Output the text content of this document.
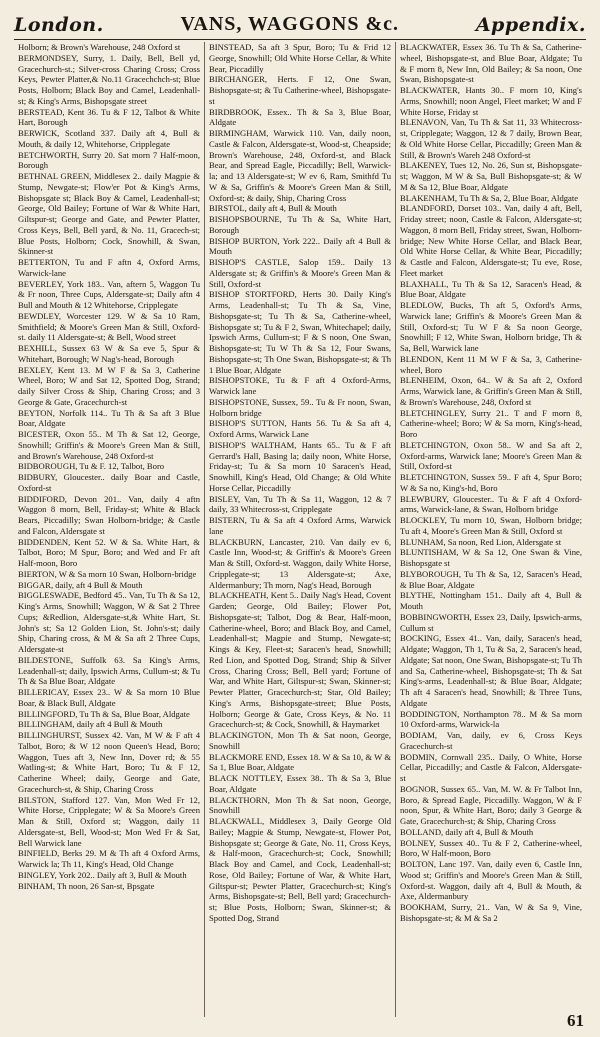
London.	VANS, WAGGONS &c.	Appendix.
Holborn; & Brown's Warehouse, 248 Oxford st
BERMONDSEY, Surry, 1. Daily, Bell, Bell yd, Gracechurch-st.; Silver-cross Charing Cross; Cross Keys, Pewter Platter,& No.11 Gracechchch-st; Blue Posts, Holborn; Black Boy and Camel, Leadenhall-st; & King's Arms, Bishopsgate street
BERSTEAD, Kent 36. Tu & F 12, Talbot & White Hart, Borough
BERWICK, Scotland 337. Daily aft 4, Bull & Mouth, & daily 12, Whitehorse, Cripplegate
BETCHWORTH, Surry 20. Sat morn 7 Half-moon, Borough
BETHNAL GREEN, Middlesex 2.. daily Magpie & Stump, Newgate-st; Flow'er Pot & King's Arms, Bishopsgate st; Black Boy & Camel, Leadenhall-st; George, Old Bailey; Fortune of War & White Hart, Giltspur-st; George and Gate, and Pewter Platter, Cross Keys, Bell, Bell yard, & No. 11, Gracech-st; Blue Posts, Holborn; Cock, Snowhill, & Swan, Skinner-st
BETTERTON, Tu and F aftn 4, Oxford Arms, Warwick-lane
BEVERLEY, York 183.. Van, aftern 5, Waggon Tu & Fr noon, Three Cups, Aldersgate-st; Daily aftn 4 Bull and Mouth & 12 Whitehorse, Cripplegate
BEWDLEY, Worcester 129. W & Sa 10 Ram, Smithfield; & Moore's Green Man & Still, Oxford-st. daily 11 Aldersgate-st; & Bell, Wood street
BEXHILL, Sussex 63 W & Sa eve 5, Spur & Whitehart, Borough; W Nag's-head, Borough
BEXLEY, Kent 13. M W F & Sa 3, Catherine Wheel, Boro; W and Sat 12, Spotted Dog, Strand; daily Silver Cross & Ship, Charing Cross; and 3 George & Gate, Gracechurch-st
BEYTON, Norfolk 114.. Tu Th & Sa aft 3 Blue Boar, Aldgate
BICESTER, Oxon 55.. M Th & Sat 12, George, Snowhill; Griffin's & Moore's Green Man & Still, and Brown's Warehouse, 248 Oxford-st
BIDBOROUGH, Tu & F. 12, Talbot, Boro
BIDBURY, Gloucester.. daily Boar and Castle, Oxford-st
BIDDIFORD, Devon 201.. Van, daily 4 aftn Waggon 8 morn, Bell, Friday-st; White & Black Bears, Piccadilly; Swan Holborn-bridge; & Castle and Falcon, Aldersgate st
BIDDENDEN, Kent 52. W & Sa. White Hart, & Talbot, Boro; M Spur, Boro; and Wed and Fr aft Half-moon, Boro
BIERTON, W & Sa morn 10 Swan, Holborn-bridge
BIGGAR, daily, aft 4 Bull & Mouth
BIGGLESWADE, Bedford 45.. Van, Tu Th & Sa 12, King's Arms, Snowhill; Waggon, W & Sat 2 Three Cups; &Redlion, Aldersgate-st,& White Hart, St. John's st; Sa 12 Golden Lion, St. John's-st; daily Ship, Charing cross, & M & Sa aft 2 Three Cups, Aldersgate-st
BILDESTONE, Suffolk 63. Sa King's Arms, Leadenhall-st; daily, Ipswich Arms, Cullum-st; & Tu Th & Sa Blue Boar, Aldgate
BILLERICAY, Essex 23.. W & Sa morn 10 Blue Boar, & Black Bull, Aldgate
BILLINGFORD, Tu Th & Sa, Blue Boar, Aldgate
BILLINGHAM, daily aft 4 Bull & Mouth
BILLINGHURST, Sussex 42. Van, M W & F aft 4 Talbot, Boro; & W 12 noon Queen's Head, Boro; Waggon, Tues aft 3, New Inn, Dover rd; & 55 Watling-st; & White Hart, Boro; Tu & F 12, Catherine Wheel; daily, George and Gate, Gracechurch-st, & Ship, Charing Cross
BILSTON, Stafford 127. Van, Mon Wed Fr 12, White Horse, Cripplegate; W & Sa Moore's Green Man & Still, Oxford st; Waggon, daily 11 Aldersgate-st, Bell, Wood-st; Mon Wed Fr & Sat, Bell Warwick lane
BINFIELD, Berks 29. M & Th aft 4 Oxford Arms, Warwick la; Th 11, King's Head, Old Change
BINGLEY, York 202.. Daily aft 3, Bull & Mouth
BINHAM, Th noon, 26 San-st, Bpsgate
BINSTEAD, Sa aft 3 Spur, Boro; Tu & Frid 12 George, Snowhill; Old White Horse Cellar, & White Bear, Piccadilly
BIRCHANGER, Herts. F 12, One Swan, Bishopsgate-st; & Tu Catherine-wheel, Bishopsgate-st
BIRDBROOK, Essex.. Th & Sa 3, Blue Boar, Aldgate
BIRMINGHAM, Warwick 110. Van, daily noon, Castle & Falcon, Aldersgate-st, Wood-st, Cheapside; Brown's Warehouse, 248, Oxford-st, and Black Bear, and Spread Eagle, Piccadilly; Bell, Warwick-la; and 13 Aldersgate-st; W ev 6, Ram, Smithfd Tu W & Sa, Griffin's & Moore's Green Man & Still, Oxford-st; & daily, Ship, Charing Cross
BIRSTOL, daily aft 4, Bull & Mouth
BISHOPSBOURNE, Tu Th & Sa, White Hart, Borough
BISHOP BURTON, York 222.. Daily aft 4 Bull & Mouth
BISHOP'S CASTLE, Salop 159.. Daily 13 Aldersgate st; & Griffin's & Moore's Green Man & Still, Oxford-st
BISHOP STORTFORD, Herts 30. Daily King's Arms, Leadenhall-st; Tu Th & Sa, Vine, Bishopsgate-st; Tu Th & Sa, Catherine-wheel, Bishopsgate st; Tu & F 2, Swan, Whitechapel; daily, Ipswich Arms, Cullum-st; F & S noon, One Swan, Bishopsgate-st; Tu W Th & Sa 12, Four Swans, Bishopsgate-st; Th One Swan, Bishopsgate-st; & Th 1 Blue Boar, Aldgate
BISHOPSTOKE, Tu & F aft 4 Oxford-Arms, Warwick lane
BISHOPSTONE, Sussex, 59.. Tu & Fr noon, Swan, Holborn bridge
BISHOP'S SUTTON, Hants 56. Tu & Sa aft 4, Oxford Arms, Warwick Lane
BISHOP'S WALTHAM, Hants 65.. Tu & F aft Gerrard's Hall, Basing la; daily noon, White Horse, Friday-st; Tu & Sa morn 10 Saracen's Head, Snowhill, King's Head, Old Change; & Old White Horse Cellar, Piccadilly
BISLEY, Van, Tu Th & Sa 11, Waggon, 12 & 7 daily, 33 Whitecross-st, Cripplegate
BISTERN, Tu & Sa aft 4 Oxford Arms, Warwick lane
BLACKBURN, Lancaster, 210. Van daily ev 6, Castle Inn, Wood-st; & Griffin's & Moore's Green Man & Still, Oxford-st. Waggon, daily White Horse, Cripplegate-st; 13 Aldersgate-st; Axe, Aldermanbury; Th morn, Nag's Head, Borough
BLACKHEATH, Kent 5.. Daily Nag's Head, Covent Garden; George, Old Bailey; Flower Pot, Bishopsgate-st; Talbot, Dog & Bear, Half-moon, Catherine-wheel, Boro; and Black Boy, and Camel, Leadenhall-st; Magpie and Stump, Newgate-st; Kings & Key, Fleet-st; Saracen's head, Snowhill; Red Lion, and Spotted Dog, Strand; Ship & Silver Cross, Charing Cross; Bell, Bell yard; Fortune of War, and White Hart, Giltspur-st; Swan, Skinner-st; Pewter Platter, Gracechurch-st; Star, Old Bailey; King's Arms, Bishopsgate-street; Blue Posts, Holborn; George & Gate, Cross Keys, & No. 11 Gracechurch-st; & Cock, Snowhill, & Haymarket
BLACKINGTON, Mon Th & Sat noon, George, Snowhill
BLACKMORE END, Essex 18. W & Sa 10, & W & Sa 1, Blue Boar, Aldgate
BLACK NOTTLEY, Essex 38.. Th & Sa 3, Blue Boar, Aldgate
BLACKTHORN, Mon Th & Sat noon, George, Snowhill
BLACKWALL, Middlesex 3, Daily George Old Bailey; Magpie & Stump, Newgate-st, Flower Pot, Bishopsgate st; George & Gate, No. 11, Cross Keys, & Half-moon, Gracechurch-st; Cock, Snowhill; Black Boy and Camel, and Cock, Leadenhall-st; Rose, Old Bailey; Fortune of War, & White Hart, Giltspur-st; Pewter Platter, Gracechurch-st; King's Arms, Bishopsgate-st; Bell, Bell yard; Gracechurch-st; Blue Posts, Holborn; Swan, Skinner-st; & Spotted Dog, Strand
BLACKWATER, Essex 36. Tu Th & Sa, Catherine-wheel, Bishopsgate-st, and Blue Boar, Aldgate; Tu & F morn 8, New Inn, Old Bailey; & Sa noon, One Swan, Bishopsgate-st
BLACKWATER, Hants 30.. F morn 10, King's Arms, Snowhill; noon Angel, Fleet market; W and F White Horse, Friday st
BLENAVON, Van, Tu Th & Sat 11, 33 Whitecross-st, Cripplegate; Waggon, 12 & 7 daily, Brown Bear, & Old White Horse Cellar, Piccadilly; Green Man & Still, & Brown's Wareh 248 Oxford-st
BLAKENEY, Tues 12, No. 26, Sun st, Bishopsgate-st; Waggon, M W & Sa, Bull Bishopsgate-st; & W M & Sa 12, Blue Boar, Aldgate
BLAKENHAM, Tu Th & Sa, 2, Blue Boar, Aldgate
BLANDFORD, Dorset 103.. Van, daily 4 aft, Bell, Friday street; noon, Castle & Falcon, Aldersgate-st; Waggon, 8 morn Bell, Friday street, Swan, Holborn-bridge; New White Horse Cellar, and Black Bear, Old White Horse Cellar, & White Bear, Piccadilly; & Castle and Falcon, Aldersgate-st; Tu eve, Rose, Fleet market
BLAXHALL, Tu Th & Sa 12, Saracen's Head, & Blue Boar, Aldgate
BLEDLOW, Bucks, Th aft 5, Oxford's Arms, Warwick lane; Griffin's & Moore's Green Man & Still, Oxford-st; Tu W F & Sa noon George, Snowhill; F 12, White Swan, Holborn bridge, Th & Sa, Bell, Warwick lane
BLENDON, Kent 11 M W F & Sa, 3, Catherine-wheel, Boro
BLENHEIM, Oxon, 64.. W & Sa aft 2, Oxford Arms, Warwick lane, & Griffin's Green Man & Still, & Brown's Warehouse, 248, Oxford st
BLETCHINGLEY, Surry 21.. T and F morn 8, Catherine-wheel; Boro; W & Sa morn, King's-head, Boro
BLETCHINGTON, Oxon 58.. W and Sa aft 2, Oxford-arms, Warwick lane; Moore's Green Man & Still, Oxford-st
BLETCHINGTON, Sussex 59.. F aft 4, Spur Boro; W & Sa no, King's-hd, Boro
BLEWBURY, Gloucester.. Tu & F aft 4 Oxford-arms, Warwick-lane, & Swan, Holborn bridge
BLOCKLEY, Tu morn 10, Swan, Holborn bridge; Tu aft 4, Moore's Green Man & Still, Oxford st
BLUNHAM, Sa noon, Red Lion, Aldersgate st
BLUNTISHAM, W & Sa 12, One Swan & Vine, Bishopsgate st
BLYBOROUGH, Tu Th & Sa, 12, Saracen's Head, & Blue Boar, Aldgate
BLYTHE, Nottingham 151.. Daily aft 4, Bull & Mouth
BOBBINGWORTH, Essex 23, Daily, Ipswich-arms, Cullum st
BOCKING, Essex 41.. Van, daily, Saracen's head, Aldgate; Waggon, Th 1, Tu & Sa, 2, Saracen's head, Aldgate; Sat noon, One Swan, Bishopsgate-st; Tu Th and Sa, Catherine-wheel, Bishopsgate-st; Th & Sat King's-arms, Leadenhall-st; & Blue Boar, Aldgate; Th aft 4 Saracen's head, Snowhill; & Three Tuns, Aldgate
BODDINGTON, Northampton 78.. M & Sa morn 10 Oxford-arms, Warwick-la
BODIAM, Van, daily, ev 6, Cross Keys Gracechurch-st
BODMIN, Cornwall 235.. Daily, O White, Horse Cellar, Piccadilly; and Castle & Falcon, Aldersgate-st
BOGNOR, Sussex 65.. Van, M. W. & Fr Talbot Inn, Boro, & Spread Eagle, Piccadilly. Waggon, W & F noon, Spur, & White Hart, Boro; daily 3 George & Gate, Gracechurch-st; & Ship, Charing Cross
BOLLAND, daily aft 4, Bull & Mouth
BOLNEY, Sussex 40.. Tu & F 2, Catherine-wheel, Boro, W Half-moon, Boro
BOLTON, Lanc 197. Van, daily even 6, Castle Inn, Wood st; Griffin's and Moore's Green Man & Still, Oxford-st. Waggon, daily aft 4, Bull & Mouth, & Axe, Aldermanbury
BOOKHAM, Surry, 21.. Van, W & Sa 9, Vine, Bishopsgate-st; & M & Sa 2
61
